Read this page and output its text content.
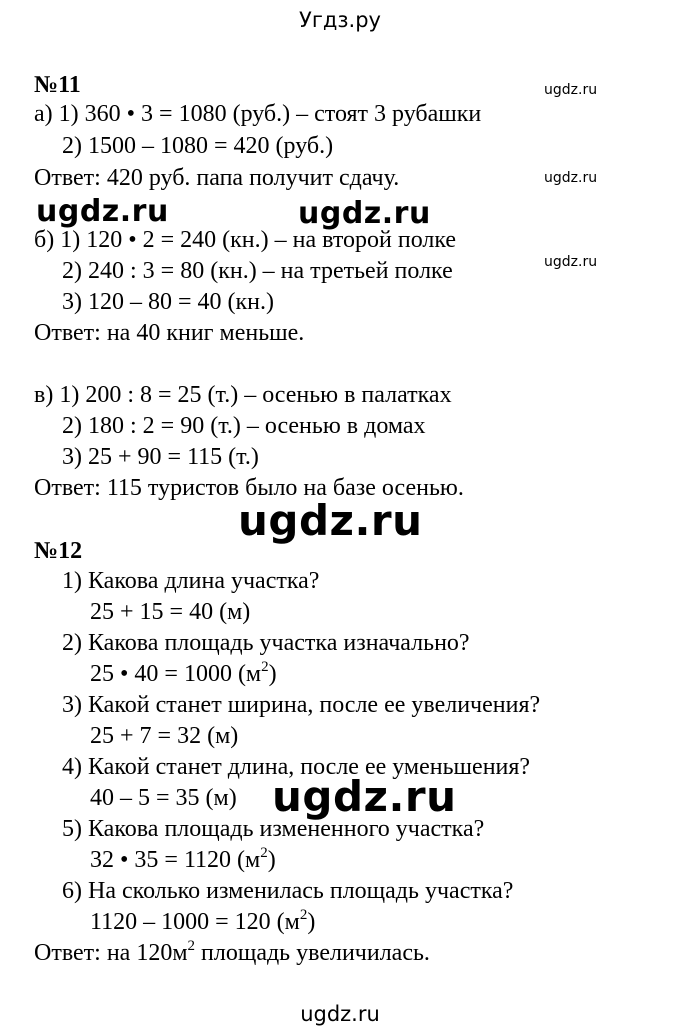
Угдз.ру
№11
а) 1) 360 • 3 = 1080 (руб.) – стоят 3 рубашки
2) 1500 – 1080 = 420 (руб.)
Ответ: 420 руб. папа получит сдачу.
б) 1) 120 • 2 = 240 (кн.) – на второй полке
2) 240 : 3 = 80 (кн.) – на третьей полке
3) 120 – 80 = 40 (кн.)
Ответ: на 40 книг меньше.
в) 1) 200 : 8 = 25 (т.) – осенью в палатках
2) 180 : 2 = 90 (т.) – осенью в домах
3) 25 + 90 = 115 (т.)
Ответ: 115 туристов было на базе осенью.
№12
1) Какова длина участка?
25 + 15 = 40 (м)
2) Какова площадь участка изначально?
25 • 40 = 1000 $(м^2)$
3) Какой станет ширина, после ее увеличения?
25 + 7 = 32 (м)
4) Какой станет длина, после ее уменьшения?
40 – 5 = 35 (м)
5) Какова площадь измененного участка?
32 • 35 = 1120 $(м^2)$
6) На сколько изменилась площадь участка?
1120 – 1000 = 120 $(м^2)$
Ответ: на $120м^2$ площадь увеличилась.
ugdz.ru
ugdz.ru
ugdz.ru
ugdz.ru	ugdz.ru
ugdz.ru
ugdz.ru
ugdz.ru
